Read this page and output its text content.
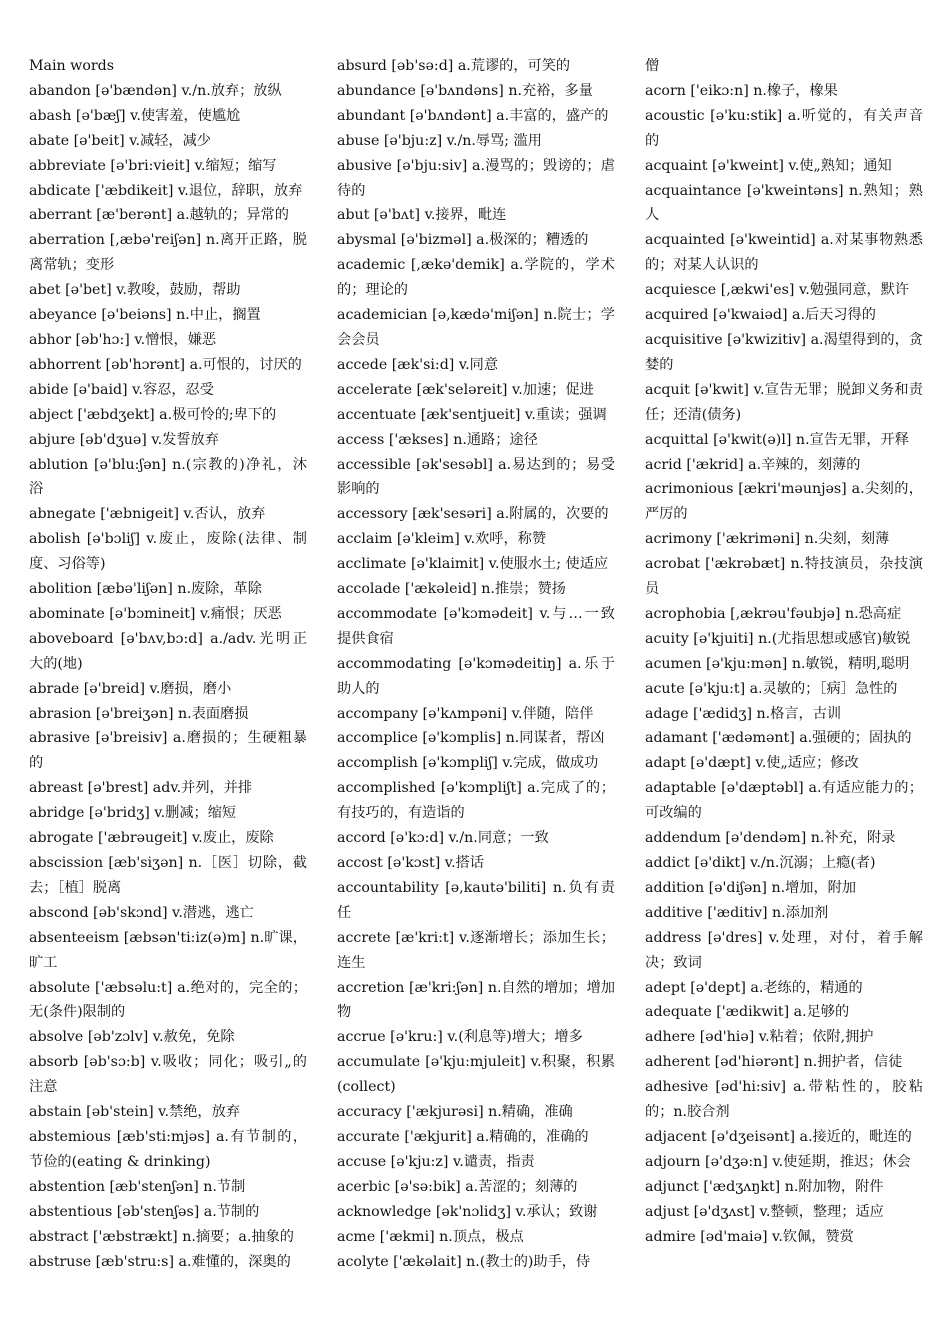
Main words

abandon [ə'bændən] v./n.放弃；放纵

abash [ə'bæʃ] v.使害羞，使尴尬

abate [ə'beit] v.减轻，减少

abbreviate [ə'bri:vieit] v.缩短；缩写

abdicate ['æbdikeit] v.退位，辞职，放弃

aberrant [æ'berənt] a.越轨的；异常的

aberration [,æbə'reiʃən] n.离开正路，脱离常轨；变形

abet [ə'bet] v.教唆，鼓励，帮助

abeyance [ə'beiəns] n.中止，搁置

abhor [əb'hɔ:] v.憎恨，嫌恶

abhorrent [əb'hɔrənt] a.可恨的，讨厌的

abide [ə'baid] v.容忍，忍受

abject ['æbdʒekt] a.极可怜的;卑下的

abjure [əb'dʒuə] v.发誓放弃

ablution [ə'blu:ʃən] n.(宗教的)净礼，沐浴

abnegate ['æbnigeit] v.否认，放弃

abolish [ə'bɔliʃ] v.废止，废除(法律、制度、习俗等)

abolition [æbə'liʃən] n.废除，革除

abominate [ə'bɔmineit] v.痛恨；厌恶

aboveboard [ə'bʌv,bɔ:d] a./adv.光明正大的(地)

abrade [ə'breid] v.磨损，磨小

abrasion [ə'breiʒən] n.表面磨损

abrasive [ə'breisiv] a.磨损的；生硬粗暴的

abreast [ə'brest] adv.并列，并排

abridge [ə'bridʒ] v.删减；缩短

abrogate ['æbrəugeit] v.废止，废除

abscission [æb'siʒən] n.［医］切除，截去；［植］脱离

abscond [əb'skɔnd] v.潜逃，逃亡

absenteeism [æbsən'ti:iz(ə)m] n.旷课，旷工

absolute ['æbsəlu:t] a.绝对的，完全的；无(条件)限制的

absolve [əb'zɔlv] v.赦免，免除

absorb [əb'sɔ:b] v.吸收；同化；吸引„的注意

abstain [əb'stein] v.禁绝，放弃

abstemious [æb'sti:mjəs] a.有节制的，节俭的(eating & drinking)

abstention [æb'stenʃən] n.节制

abstentious [əb'stenʃəs] a.节制的

abstract ['æbstrækt] n.摘要；a.抽象的

abstruse [æb'stru:s] a.难懂的，深奥的

absurd [əb'sə:d] a.荒谬的，可笑的

abundance [ə'bʌndəns] n.充裕，多量

abundant [ə'bʌndənt] a.丰富的，盛产的

abuse [ə'bju:z] v./n.辱骂; 滥用

abusive [ə'bju:siv] a.漫骂的；毁谤的；虐待的

abut [ə'bʌt] v.接界，毗连

abysmal [ə'bizməl] a.极深的；糟透的

academic [,ækə'demik] a.学院的，学术的；理论的

academician [ə,kædə'miʃən] n.院士；学会会员

accede [æk'si:d] v.同意

accelerate [æk'seləreit] v.加速；促进

accentuate [æk'sentjueit] v.重读；强调

access ['ækses] n.通路；途径

accessible [ək'sesəbl] a.易达到的；易受影响的

accessory [æk'sesəri] a.附属的，次要的

acclaim [ə'kleim] v.欢呼，称赞

acclimate [ə'klaimit] v.使服水土; 使适应

accolade ['ækəleid] n.推崇；赞扬

accommodate [ə'kɔmədeit] v.与…一致提供食宿

accommodating [ə'kɔmədeitiŋ] a.乐于助人的

accompany [ə'kʌmpəni] v.伴随，陪伴

accomplice [ə'kɔmplis] n.同谋者，帮凶

accomplish [ə'kɔmpliʃ] v.完成，做成功

accomplished [ə'kɔmpliʃt] a.完成了的；有技巧的，有造诣的

accord [ə'kɔ:d] v./n.同意；一致

accost [ə'kɔst] v.搭话

accountability [ə,kautə'biliti] n.负有责任

accrete [æ'kri:t] v.逐渐增长；添加生长；连生

accretion [æ'kri:ʃən] n.自然的增加；增加物

accrue [ə'kru:] v.(利息等)增大；增多

accumulate [ə'kju:mjuleit] v.积聚，积累(collect)

accuracy ['ækjurəsi] n.精确，准确

accurate ['ækjurit] a.精确的，准确的

accuse [ə'kju:z] v.谴责，指责

acerbic [ə'sə:bik] a.苦涩的；刻薄的

acknowledge [ək'nɔlidʒ] v.承认；致谢

acme ['ækmi] n.顶点，极点

acolyte ['ækəlait] n.(教士的)助手，侍

僧

acorn ['eikɔ:n] n.橡子，橡果

acoustic [ə'ku:stik] a.听觉的，有关声音的

acquaint [ə'kweint] v.使„熟知；通知

acquaintance [ə'kweintəns] n.熟知；熟人

acquainted [ə'kweintid] a.对某事物熟悉的；对某人认识的

acquiesce [,ækwi'es] v.勉强同意，默许

acquired [ə'kwaiəd] a.后天习得的

acquisitive [ə'kwizitiv] a.渴望得到的，贪婪的

acquit [ə'kwit] v.宣告无罪；脱卸义务和责任；还清(债务)

acquittal [ə'kwit(ə)l] n.宣告无罪，开释

acrid ['ækrid] a.辛辣的，刻薄的

acrimonious [ækri'məunjəs] a.尖刻的，严厉的

acrimony ['ækriməni] n.尖刻，刻薄

acrobat ['ækrəbæt] n.特技演员，杂技演员

acrophobia [,ækrəu'fəubjə] n.恐高症

acuity [ə'kjuiti] n.(尤指思想或感官)敏锐

acumen [ə'kju:mən] n.敏锐，精明,聪明

acute [ə'kju:t] a.灵敏的；［病］急性的

adage ['ædidʒ] n.格言，古训

adamant ['ædəmənt] a.强硬的；固执的

adapt [ə'dæpt] v.使„适应；修改

adaptable [ə'dæptəbl] a.有适应能力的；可改编的

addendum [ə'dendəm] n.补充，附录

addict [ə'dikt] v./n.沉溺；上瘾(者)

addition [ə'diʃən] n.增加，附加

additive ['æditiv] n.添加剂

address [ə'dres] v.处理，对付，着手解决；致词

adept [ə'dept] a.老练的，精通的

adequate ['ædikwit] a.足够的

adhere [əd'hiə] v.粘着；依附,拥护

adherent [əd'hiərənt] n.拥护者，信徒

adhesive [əd'hi:siv] a.带粘性的，胶粘的；n.胶合剂

adjacent [ə'dʒeisənt] a.接近的，毗连的

adjourn [ə'dʒə:n] v.使延期，推迟；休会

adjunct ['ædʒʌŋkt] n.附加物，附件

adjust [ə'dʒʌst] v.整顿，整理；适应

admire [əd'maiə] v.钦佩，赞赏
